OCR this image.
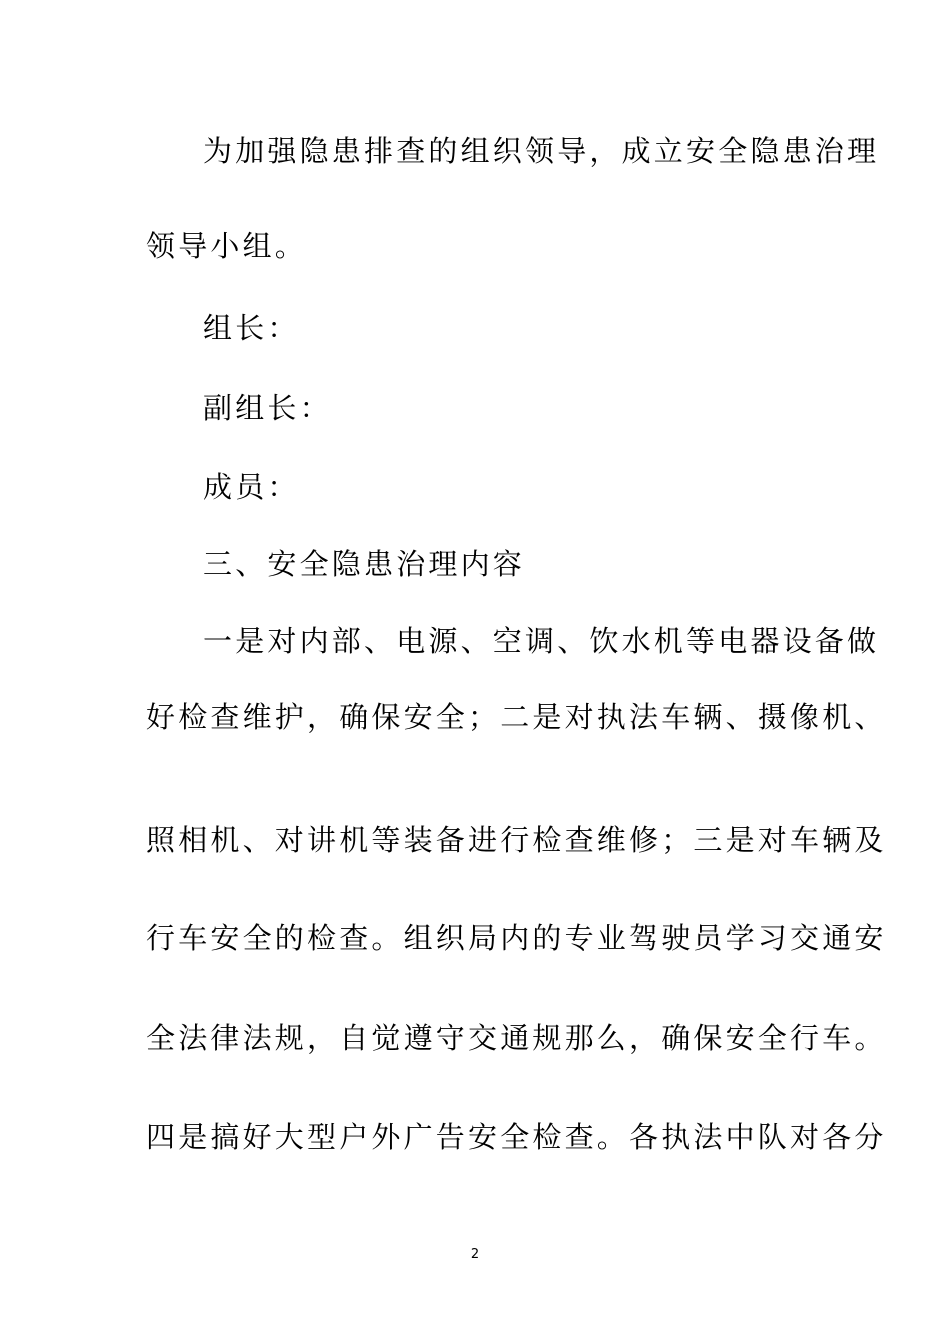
为加强隐患排查的组织领导，成立安全隐患治理
领导小组。
组长：
副组长：
成员：
三、安全隐患治理内容
一是对内部、电源、空调、饮水机等电器设备做
好检查维护，确保安全；二是对执法车辆、摄像机、
照相机、对讲机等装备进行检查维修；三是对车辆及
行车安全的检查。组织局内的专业驾驶员学习交通安
全法律法规，自觉遵守交通规那么，确保安全行车。
四是搞好大型户外广告安全检查。各执法中队对各分
2
